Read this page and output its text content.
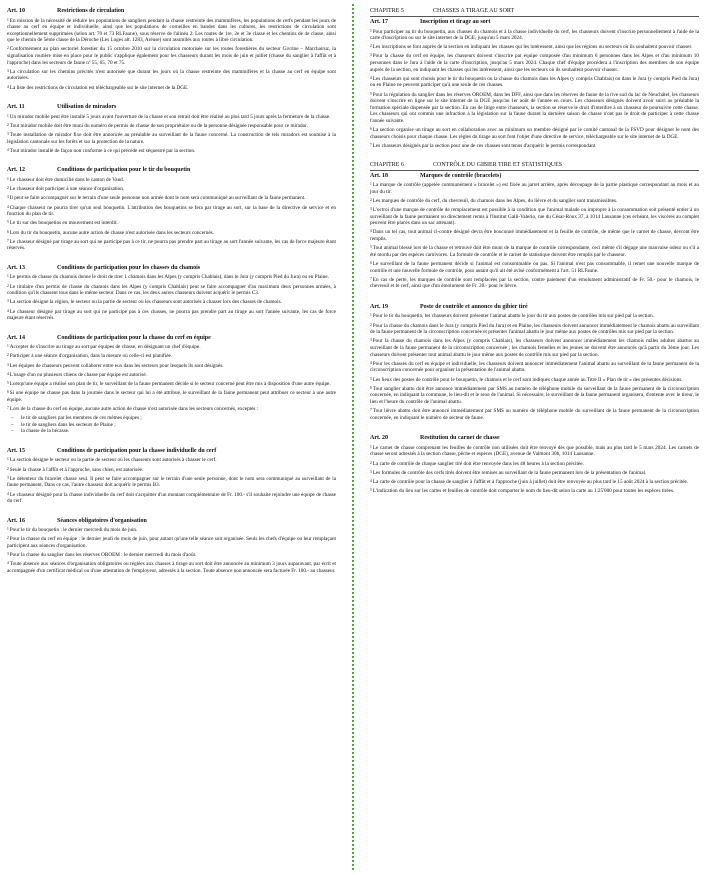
Art. 10	Restrictions de circulation

$^1$En mission de la nécessité de réduire les populations de sangliers pendant la chasse restreinte des mammifères, les populations de cerfs pendant les jours de chasse au cerf en équipe et individuelle, ainsi que les populations de corneilles en bandes dans les cultures, les restrictions de circulation sont exceptionnellement supprimées (selon art. 70 et 73 RLFaune), sous réserve de l'alinéa 2. Les routes de 1re, 2e et 3e classe et les chemins de 4e classe, ainsi que le chemin de 5ème classe de la Déroche (Les Loges alt. 1283, Aréuse) sont assimilés aux routes à libre circulation.

$^2$Conformément au plan sectoriel forestier du 15 octobre 2010 sur la circulation motorisée sur les routes forestières du secteur Givrine – Marchairuz, la signalisation routière mise en place pour le public s'applique également pour les chasseurs durant les mois de juin et juillet (chasse du sanglier à l'affût et à l'approche) dans les secteurs de faune nº 55, 65, 70 et 75.

$^3$La circulation sur les chemins précités n'est autorisée que durant les jours où la chasse restreinte des mammifères et la chasse au cerf en équipe sont autorisées.

$^4$La liste des restrictions de circulation est téléchargeable sur le site internet de la DGE.

Art. 11	Utilisation de miradors

$^1$Un mirador mobile peut être installé 5 jours avant l'ouverture de la chasse et son retrait doit être réalisé au plus tard 5 jours après la fermeture de la chasse.

$^2$Tout mirador mobile doit être muni du numéro de permis de chasse de son propriétaire ou de la personne désignée responsable pour ce mirador.

$^3$Toute installation de mirador fixe doit être annoncée au préalable au surveillant de la faune concerné. La construction de tels miradors est soumise à la législation cantonale sur les forêts et sur la protection de la nature.

$^4$Tout mirador installé de façon non conforme à ce qui précède est séquestré par la section.

Art. 12	Conditions de participation pour le tir du bouquetin

$^1$Le chasseur doit être domicilié dans le canton de Vaud.

$^2$Le chasseur doit participer à une séance d'organisation.

$^3$Il peut se faire accompagner sur le terrain d'une seule personne non armée dont le nom sera communiqué au surveillant de la faune permanent.

$^4$Chaque chasseur ne pourra tirer qu'un seul bouquetin. L'attribution des bouquetins se fera par tirage au sort, sur la base de la directive de service et en fonction du plan de tir.

$^5$Le tir sur des bouquetins en mouvement est interdit.

$^6$Lors du tir du bouquetin, aucune autre action de chasse n'est autorisée dans les secteurs concernés.

$^7$Le chasseur désigné par tirage au sort qui ne participe pas à ce tir, ne pourra pas prendre part au tirage au sort l'année suivante, les cas de force majeure étant réservés.

Art. 13	Conditions de participation pour les chasses du chamois

$^1$Le permis de chasse du chamois donne le droit de tirer 1 chamois dans les Alpes (y compris Chablais), dans le Jura (y compris Pied du Jura) ou en Plaine.

$^2$Le titulaire d'un permis de chasse du chamois dans les Alpes (y compris Chablais) peut se faire accompagner d'au maximum deux personnes armées, à condition qu'ils chassent tous dans le même secteur. Dans ce cas, les deux autres chasseurs doivent acquérir le permis C3.

$^3$La section désigne la région, le secteur ou la partie de secteur où les chasseurs sont autorisés à chasser lors des chasses de chamois.

$^4$Le chasseur désigné par tirage au sort qui ne participe pas à ces chasses, ne pourra pas prendre part au tirage au sort l'année suivante, les cas de force majeure étant réservés.

Art. 14	Conditions de participation pour la chasse du cerf en équipe

$^1$Accepter de s'inscrire au tirage au sort par équipes de chasse, en désignant un chef d'équipe.

$^2$Participer à une séance d'organisation, dans la mesure où celle-ci est planifiée.

$^3$Les équipes de chasseurs peuvent collaborer entre eux dans les secteurs pour lesquels ils sont désignés.

$^4$L'usage d'un ou plusieurs chiens de chasse par équipe est autorisé.

$^5$Lorsqu'une équipe a réalisé son plan de tir, le surveillant de la faune permanent décide si le secteur concerné peut être mis à disposition d'une autre équipe.

$^6$Si une équipe ne chasse pas dans la journée dans le secteur qui lui a été attribué, le surveillant de la faune permanent peut attribuer ce secteur à une autre équipe.

$^7$Lors de la chasse du cerf en équipe, aucune autre action de chasse n'est autorisée dans les secteurs concernés, exceptés :

– le tir de sangliers par les membres de ces mêmes équipes ;
– le tir de sangliers dans les secteurs de Plaine ;
– la chasse de la bécasse.
Art. 15	Conditions de participation pour la chasse individuelle du cerf

$^1$La section désigne le secteur ou la partie de secteur où les chasseurs sont autorisés à chasser le cerf.

$^2$Seule la chasse à l'affût et à l'approche, sans chien, est autorisée.

$^3$Le détenteur du bracelet chasse seul. Il peut se faire accompagner sur le terrain d'une seule personne, dont le nom sera communiqué au surveillant de la faune permanent. Dans ce cas, l'autre chasseur doit acquérir le permis B3.

$^4$Le chasseur désigné pour la chasse individuelle du cerf doit s'acquitter d'un montant complémentaire de Fr. 100.- s'il souhaite rejoindre une équipe de chasse du cerf.

Art. 16	Séances obligatoires d'organisation

$^1$Pour le tir du bouquetin : le dernier mercredi du mois de juin.

$^2$Pour la chasse du cerf en équipe : le dernier jeudi du mois de juin, pour autant qu'une telle séance soit organisée. Seuls les chefs d'équipe ou leur remplaçant participent aux séances d'organisation.

$^3$Pour la chasse du sanglier dans les réserves OROEM : le dernier mercredi du mois d'août.

$^4$Toute absence aux séances d'organisation obligatoires ou réglées aux chasses à tirage au sort doit être annoncée au minimum 3 jours auparavant, par écrit et accompagnée d'un certificat médical ou d'une attestation de l'employeur, adressés à la section. Toute absence non annoncée sera facturée Fr. 100.- au chasseur.

CHAPITRE 5	CHASSES A TIRAGE AU SORT
Art. 17	Inscription et tirage au sort

$^1$Pour participer au tir du bouquetin, aux chasses du chamois et à la chasse individuelle du cerf, les chasseurs doivent s'inscrire personnellement à l'aide de la carte d'inscription ou sur le site internet de la DGE, jusqu'au 5 mars 2024.

$^2$Les inscriptions se font auprès de la section en indiquant les chasses qui les intéressent, ainsi que les régions ou secteurs où ils souhaitent pouvoir chasser.

$^3$Pour la chasse du cerf en équipe, les chasseurs doivent s'inscrire par équipe composée d'au minimum 6 personnes dans les Alpes et d'au minimum 10 personnes dans le Jura à l'aide de la carte d'inscription, jusqu'au 5 mars 2024. Chaque chef d'équipe procédera à l'inscription des membres de son équipe auprès de la section, en indiquant les chasses qui les intéressent, ainsi que les secteurs où ils souhaitent pouvoir chasser.

$^4$Les chasseurs qui sont choisis pour le tir du bouquetin ou la chasse du chamois dans les Alpes (y compris Chablais) ou dans le Jura (y compris Pied du Jura) ou en Plaine ne peuvent participer qu'à une seule de ces chasses.

$^5$Pour la régulation du sanglier dans les réserves OROEM, dans les DFF, ainsi que dans les réserves de faune de la rive sud du lac de Neuchâtel, les chasseurs doivent s'inscrire en ligne sur le site internet de la DGE jusqu'au 1er août de l'année en cours. Les chasseurs désignés doivent avoir suivi au préalable la formation spéciale dispensée par la section. En cas de litige entre chasseurs, la section se réserve le droit d'interdire à un chasseur de poursuivre cette chasse. Les chasseurs qui ont commis une infraction à la législation sur la faune durant la dernière saison de chasse n'ont pas le droit de participer à cette chasse l'année suivante.

$^6$La section organise un tirage au sort en collaboration avec au minimum un membre désigné par le comité cantonal de la FSVD pour désigner le nom des chasseurs choisis pour chaque chasse. Les règles du tirage au sort font l'objet d'une directive de service, téléchargeable sur le site internet de la DGE.

$^7$Les chasseurs désignés par la section pour une de ces chasses sont tenus d'acquérir le permis correspondant.

CHAPITRE 6	CONTRÔLE DU GIBIER TIRE ET STATISTIQUES
Art. 18	Marques de contrôle (bracelets)

$^1$La marque de contrôle (appelée communément « bracelet ») est fixée au jarret arrière, après découpage de la partie plastique correspondant au mois et au jour du tir.

$^2$Les marques de contrôle du cerf, du chevreuil, du chamois dans les Alpes, du lièvre et du sanglier sont transmissibles.

$^3$L'octroi d'une marque de contrôle de remplacement est possible à la condition que l'animal malade ou impropre à la consommation soit présenté entier à un surveillant de la faune permanent ou directement remis à l'Institut Galli-Valerio, rue du César-Roux 37, à 1014 Lausanne (ces échéant, les viscères au complet peuvent être placés dans un sac attenant).

$^4$Dans un tel cas, tout animal ci-contre désigné devra être bouconné immédiatement et la feuille de contrôle, de même que le carnet de chasse, devront être remplis.

$^5$Tout animal blessé lors de la chasse et retrouvé doit être muni de la marque de contrôle correspondante, ceci même s'il dégage une mauvaise odeur ou s'il a été mordu par des espèces carnivores. La formule de contrôle et le carnet de statistique doivent être remplis par le chasseur.

$^6$Le surveillant de la faune permanent décide si l'animal est consommable ou pas. Si l'animal n'est pas consommable, il remet une nouvelle marque de contrôle et une nouvelle formule de contrôle, pour autant qu'il ait été avisé conformément à l'art. 51 RLFaune.

$^7$En cas de perte, les marques de contrôle sont remplacées par la section, contre paiement d'un émolument administratif de Fr. 50.- pour le chamois, le chevreuil et le cerf, ainsi que d'un émolument de Fr. 20.- pour le lièvre.

Art. 19	Poste de contrôle et annonce du gibier tiré

$^1$Pour le tir du bouquetin, les chasseurs doivent présenter l'animal abattu le jour du tir aux postes de contrôles mis sur pied par la section.

$^2$Pour la chasse du chamois dans le Jura (y compris Pied du Jura) et en Plaine, les chasseurs doivent annoncer immédiatement le chamois abattu au surveillant de la faune permanent de la circonscription concernée et présenter l'animal abattu le jour même aux postes de contrôles mis sur pied par la section.

$^3$Pour la chasse du chamois dans les Alpes (y compris Chablais), les chasseurs doivent annoncer immédiatement les chamois mâles adultes abattus au surveillant de la faune permanent de la circonscription concernée ; les chamois femelles et les jeunes ne doivent être annoncés qu'à partir du 3ème jour. Les chasseurs doivent présenter tout animal abattu le jour même aux postes de contrôle mis sur pied par la section.

$^4$Pour les chasses du cerf en équipe et individuelle, les chasseurs doivent annoncer immédiatement l'animal abattu au surveillant de la faune permanent de la circonscription concernée pour organiser la présentation de l'animal abattu.

$^5$Les lieux des postes de contrôle pour le bouquetin, le chamois et le cerf sont indiqués chaque année au Titre II « Plan de tir » des présentes décisions.

$^6$Tout sanglier abattu doit être annoncé immédiatement par SMS au numéro de téléphone mobile du surveillant de la faune permanent de la circonscription concernée, en indiquant la commune, le lieu-dit et le sexe de l'animal. Si nécessaire, le surveillant de la faune permanent organisera, d'entente avec le tireur, le lieu et l'heure du contrôle de l'animal abattu.

$^7$Tout lièvre abattu doit être annoncé immédiatement par SMS au numéro de téléphone mobile du surveillant de la faune permanent de la circonscription concernée, en indiquant le numéro de secteur de faune.

Art. 20	Restitution du carnet de chasse

$^1$Le carnet de chasse comprenant les feuilles de contrôle non utilisées doit être renvoyé dès que possible, mais au plus tard le 5 mars 2024. Les carnets de chasse seront adressés à la section chasse, pêche et espèces (DGE), avenue de Valmont 30b, 1014 Lausanne.

$^2$La carte de contrôle de chaque sanglier tiré doit être renvoyée dans les 48 heures à la section précitée.

$^3$Les formules de contrôle des cerfs tirés doivent être remises au surveillant de la faune permanent lors de la présentation de l'animal.

$^4$La carte de contrôle pour la chasse de sanglier à l'affût et à l'approche (juin à juillet) doit être renvoyée au plus tard le 15 août 2024 à la section précitée.

$^5$L'indication du lieu sur les cartes et feuilles de contrôle doit comporter le nom du lieu-dit selon la carte au 1:25'000 pour toutes les espèces tirées.
